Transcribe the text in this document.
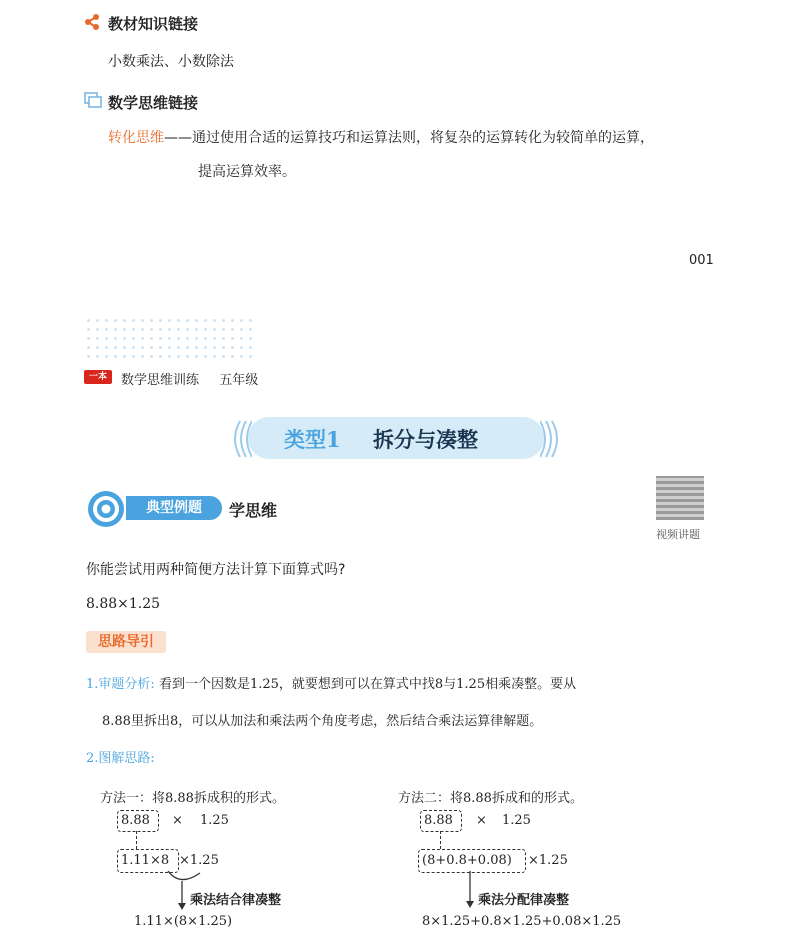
教材知识链接
小数乘法、小数除法
数学思维链接
转化思维——通过使用合适的运算技巧和运算法则，将复杂的运算转化为较简单的运算，
提高运算效率。
001
一本	数学思维训练 五年级
类型1 拆分与凑整
典型例题	学思维
视频讲题
你能尝试用两种简便方法计算下面算式吗?
8.88×1.25
思路导引
1.审题分析: 看到一个因数是1.25，就要想到可以在算式中找8与1.25相乘凑整。要从
8.88里拆出8，可以从加法和乘法两个角度考虑，然后结合乘法运算律解题。
2.图解思路:
方法一：将8.88拆成积的形式。
8.88 × 1.25
1.11×8 ×1.25
乘法结合律凑整
1.11×(8×1.25)
方法二：将8.88拆成和的形式。
8.88 × 1.25
(8+0.8+0.08) ×1.25
乘法分配律凑整
8×1.25+0.8×1.25+0.08×1.25
